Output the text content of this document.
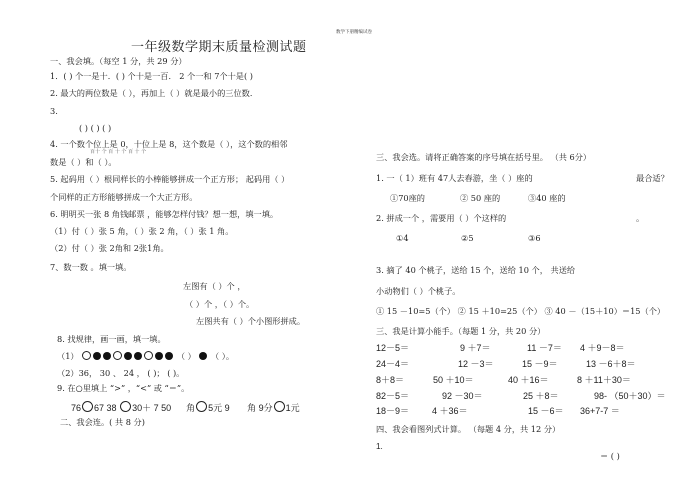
数学下册精编试卷
一年级数学期末质量检测试题
一、我会填。（每空 1 分，共 29 分）
1．( ) 个一是十．( ) 个十是一百． 2 个一和 7个十是( )
2. 最大的两位数是（ ），再加上（ ）就是最小的三位数．
3.
( ) ( ) ( )
4. 一个数个位上是 0，十位上是 8，这个数是（ ），这个数的相邻
百十 个 百 十 个 百 十 个
数是（ ）和（ ）。
5. 起码用（ ）根同样长的小棒能够拼成一个正方形； 起码用（ ）
个同样的正方形能够拼成一个大正方形。
6. 明明买一张 8 角钱邮票 ，能够怎样付钱？想一想，填一填。
（1）付（ ）张 5 角，（ ）张 2 角，（ ）张 1 角。
（2）付（ ）张 2角和 2张1角。
7、数一数 。填一填。
左图有（ ）个 ，
（ ）个 ，（ ）个。
左图共有（ ）个小图形拼成。
8. 找规律，画一画，填一填。
（1）	（ ） （ ）。
（2）36， 30 、 24 ， ( )； ( )。
9. 在○里填上 “>” ，“<” 或 “＝”。
76 67 38 30＋ 7 50 角 5元 9 角 9分 1元
二、我会连。( 共 8 分)
三、我会选。请将正确答案的序号填在括号里。 （共 6分）
1. 一（ 1）班有 47人去春游，坐（ ）座的	最合适？
①70座的	② 50 座的	③40 座的
2. 拼成一个 ，需要用（ ）个这样的	。
①4	②5	③6
3. 摘了 40 个桃子，送给 15 个，送给 10 个， 共送给
小动物们（ ）个桃子。
① 15 －10=5（个） ② 15 ＋10=25（个） ③ 40 －（15＋10）＝15（个）
三、我是计算小能手。（每题 1 分，共 20 分）
12－5＝	9 ＋7＝	11 －7＝ 4 ＋9－8＝
24－4＝	12 －3＝	15 －9＝	13 －6＋8＝
8＋8＝	50 ＋10＝	40 ＋16＝	8 ＋11＋30＝
82－5＝	92 －30＝	25 ＋8＝	98- （50＋30）＝
18－9＝	4 ＋36＝	15 －6＝ 36+7-7 ＝
四、我会看图列式计算。 （每题 4 分，共 12 分）
1.
＝ ( )
